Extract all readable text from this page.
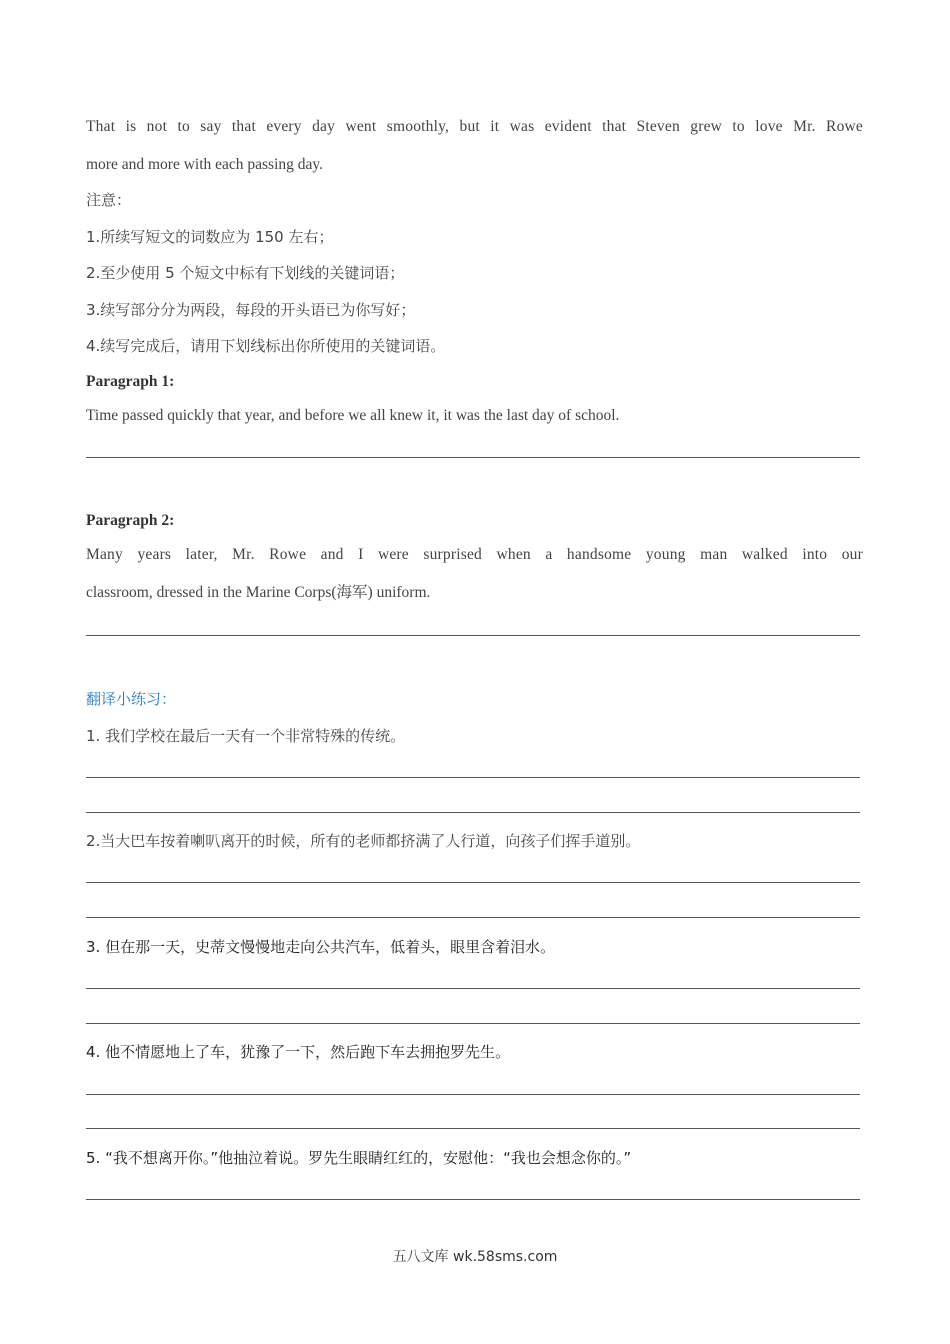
That is not to say that every day went smoothly, but it was evident that Steven grew to love Mr. Rowe
more and more with each passing day.
注意：
1.所续写短文的词数应为 150 左右；
2.至少使用 5 个短文中标有下划线的关键词语；
3.续写部分分为两段，每段的开头语已为你写好；
4.续写完成后，请用下划线标出你所使用的关键词语。
Paragraph 1:
Time passed quickly that year, and before we all knew it, it was the last day of school.
Paragraph 2:
Many years later, Mr. Rowe and I were surprised when a handsome young man walked into our
classroom, dressed in the Marine Corps(海军) uniform.
翻译小练习：
1. 我们学校在最后一天有一个非常特殊的传统。
2.当大巴车按着喇叭离开的时候，所有的老师都挤满了人行道，向孩子们挥手道别。
3. 但在那一天，史蒂文慢慢地走向公共汽车，低着头，眼里含着泪水。
4. 他不情愿地上了车，犹豫了一下，然后跑下车去拥抱罗先生。
5. “我不想离开你。”他抽泣着说。罗先生眼睛红红的，安慰他：“我也会想念你的。”
五八文库 wk.58sms.com
